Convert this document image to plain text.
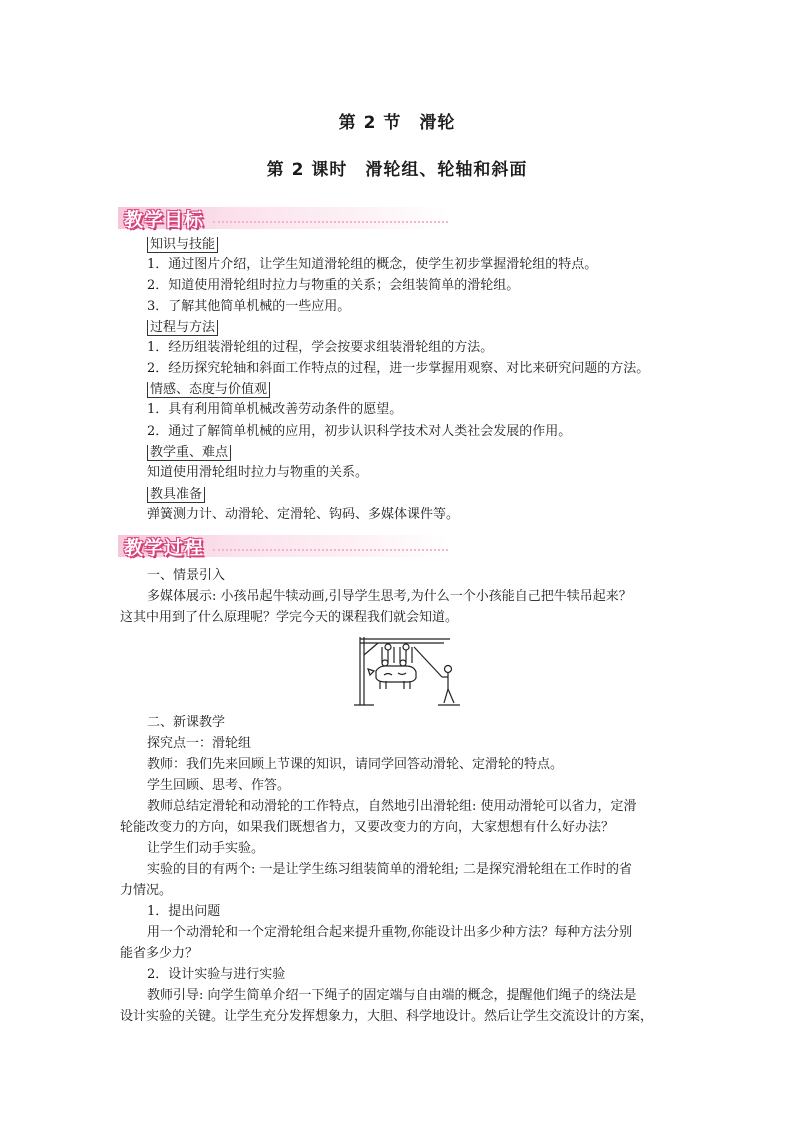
第 2 节　滑轮
第 2 课时　滑轮组、轮轴和斜面
教学目标
知识与技能
1．通过图片介绍，让学生知道滑轮组的概念，使学生初步掌握滑轮组的特点。
2．知道使用滑轮组时拉力与物重的关系；会组装简单的滑轮组。
3．了解其他简单机械的一些应用。
过程与方法
1．经历组装滑轮组的过程，学会按要求组装滑轮组的方法。
2．经历探究轮轴和斜面工作特点的过程，进一步掌握用观察、对比来研究问题的方法。
情感、态度与价值观
1．具有利用简单机械改善劳动条件的愿望。
2．通过了解简单机械的应用，初步认识科学技术对人类社会发展的作用。
教学重、难点
知道使用滑轮组时拉力与物重的关系。
教具准备
弹簧测力计、动滑轮、定滑轮、钩码、多媒体课件等。
教学过程
一、情景引入
多媒体展示: 小孩吊起牛犊动画,引导学生思考,为什么一个小孩能自己把牛犊吊起来？
这其中用到了什么原理呢？学完今天的课程我们就会知道。
二、新课教学
探究点一：滑轮组
教师：我们先来回顾上节课的知识，请同学回答动滑轮、定滑轮的特点。
学生回顾、思考、作答。
教师总结定滑轮和动滑轮的工作特点，自然地引出滑轮组: 使用动滑轮可以省力，定滑
轮能改变力的方向，如果我们既想省力，又要改变力的方向，大家想想有什么好办法？
让学生们动手实验。
实验的目的有两个: 一是让学生练习组装简单的滑轮组; 二是探究滑轮组在工作时的省
力情况。
1．提出问题
用一个动滑轮和一个定滑轮组合起来提升重物,你能设计出多少种方法？每种方法分别
能省多少力？
2．设计实验与进行实验
教师引导: 向学生简单介绍一下绳子的固定端与自由端的概念，提醒他们绳子的绕法是
设计实验的关键。让学生充分发挥想象力，大胆、科学地设计。然后让学生交流设计的方案，
